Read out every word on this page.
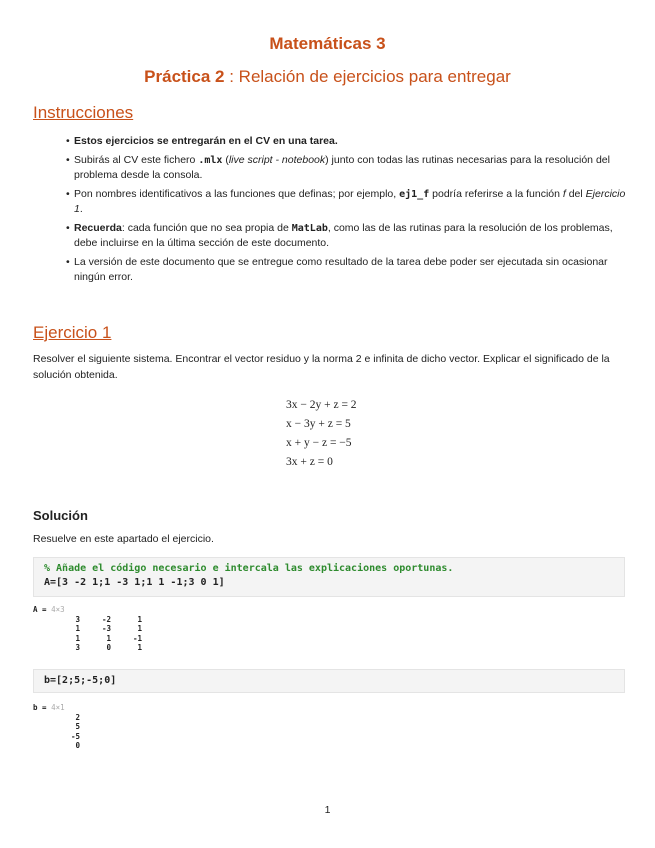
Matemáticas 3
Práctica 2 : Relación de ejercicios para entregar
Instrucciones
• Estos ejercicios se entregarán en el CV en una tarea.
• Subirás al CV este fichero .mlx (live script - notebook) junto con todas las rutinas necesarias para la resolución del problema desde la consola.
• Pon nombres identificativos a las funciones que definas; por ejemplo, ej1_f podría referirse a la función f del Ejercicio 1.
• Recuerda: cada función que no sea propia de MatLab, como las de las rutinas para la resolución de los problemas, debe incluirse en la última sección de este documento.
• La versión de este documento que se entregue como resultado de la tarea debe poder ser ejecutada sin ocasionar ningún error.
Ejercicio 1
Resolver el siguiente sistema. Encontrar el vector residuo y la norma 2 e infinita de dicho vector. Explicar el significado de la solución obtenida.
3x − 2y + z = 2
x − 3y + z = 5
x + y − z = −5
3x + z = 0
Solución
Resuelve en este apartado el ejercicio.
% Añade el código necesario e intercala las explicaciones oportunas.
A=[3 -2 1;1 -3 1;1 1 -1;3 0 1]
A = 4×3
3	-2	1
1	-3	1
1	1	-1
3	0	1
b=[2;5;-5;0]
b = 4×1
2
5
-5
0
1
